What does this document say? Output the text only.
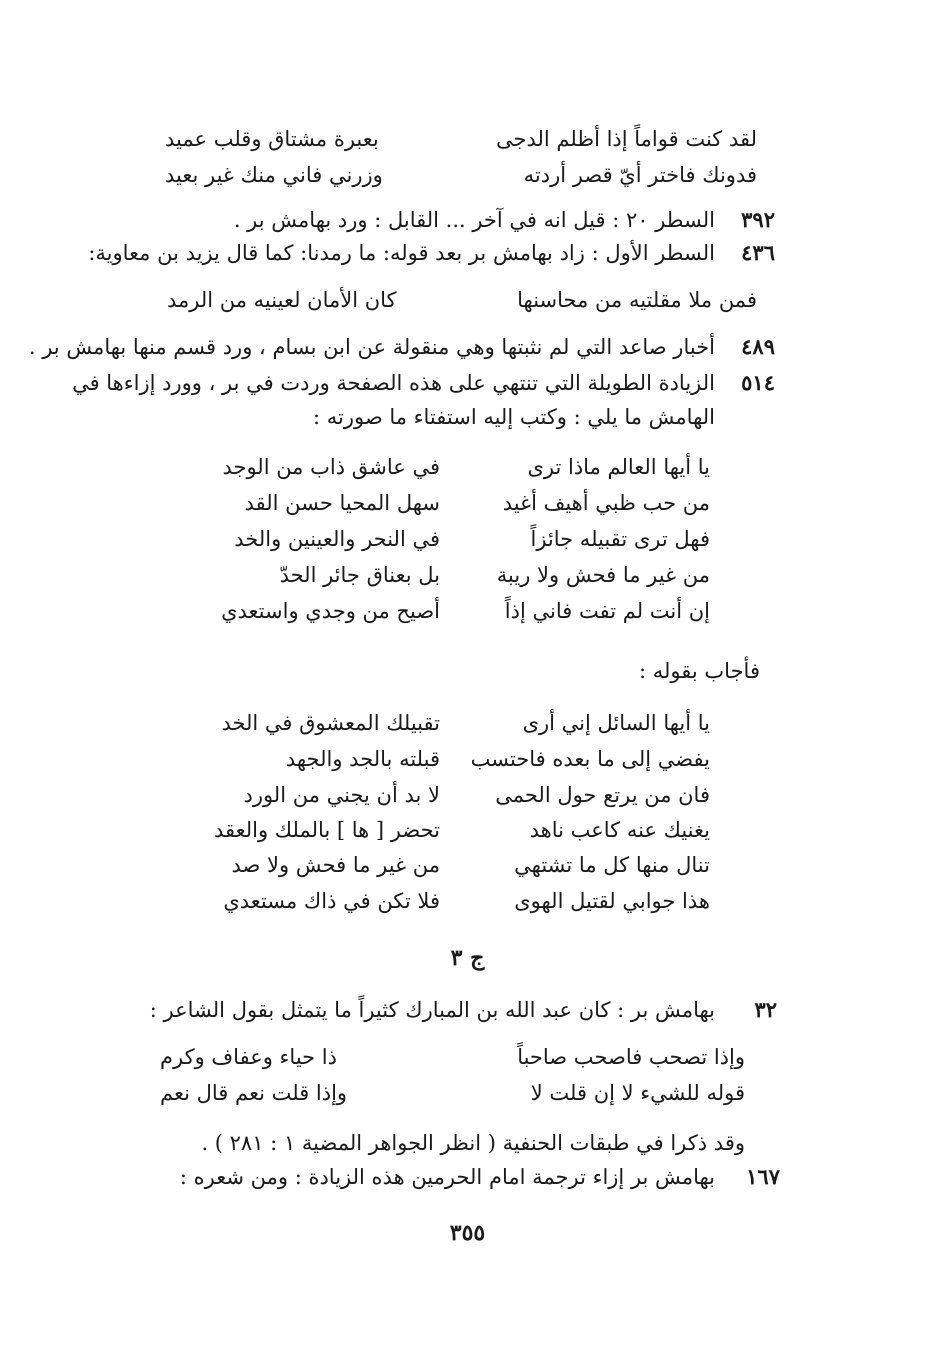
لقد كنت قواماً إذا أظلم الدجى
بعبرة مشتاق وقلب عميد
فدونك فاختر أيّ قصر أردته
وزرني فاني منك غير بعيد
٣٩٢
السطر ٢٠ : قيل انه في آخر ... القابل : ورد بهامش بر .
٤٣٦
السطر الأول : زاد بهامش بر بعد قوله: ما رمدنا: كما قال يزيد بن معاوية:
فمن ملا مقلتيه من محاسنها
كان الأمان لعينيه من الرمد
٤٨٩
أخبار صاعد التي لم نثبتها وهي منقولة عن ابن بسام ، ورد قسم منها بهامش بر .
٥١٤
الزيادة الطويلة التي تنتهي على هذه الصفحة وردت في بر ، وورد إزاءها في
الهامش ما يلي : وكتب إليه استفتاء ما صورته :
يا أيها العالم ماذا ترى
في عاشق ذاب من الوجد
من حب ظبي أهيف أغيد
سهل المحيا حسن القد
فهل ترى تقبيله جائزاً
في النحر والعينين والخد
من غير ما فحش ولا ريبة
بل بعناق جائر الحدّ
إن أنت لم تفت فاني إذاً
أصيح من وجدي واستعدي
فأجاب بقوله :
يا أيها السائل إني أرى
تقبيلك المعشوق في الخد
يفضي إلى ما بعده فاحتسب
قبلته بالجد والجهد
فان من يرتع حول الحمى
لا بد أن يجني من الورد
يغنيك عنه كاعب ناهد
تحضر [ ها ] بالملك والعقد
تنال منها كل ما تشتهي
من غير ما فحش ولا صد
هذا جوابي لقتيل الهوى
فلا تكن في ذاك مستعدي
ج ٣
٣٢
بهامش بر : كان عبد الله بن المبارك كثيراً ما يتمثل بقول الشاعر :
وإذا تصحب فاصحب صاحباً
ذا حياء وعفاف وكرم
قوله للشيء لا إن قلت لا
وإذا قلت نعم قال نعم
وقد ذكرا في طبقات الحنفية ( انظر الجواهر المضية ١ : ٢٨١ ) .
١٦٧
بهامش بر إزاء ترجمة امام الحرمين هذه الزيادة : ومن شعره :
٣٥٥
